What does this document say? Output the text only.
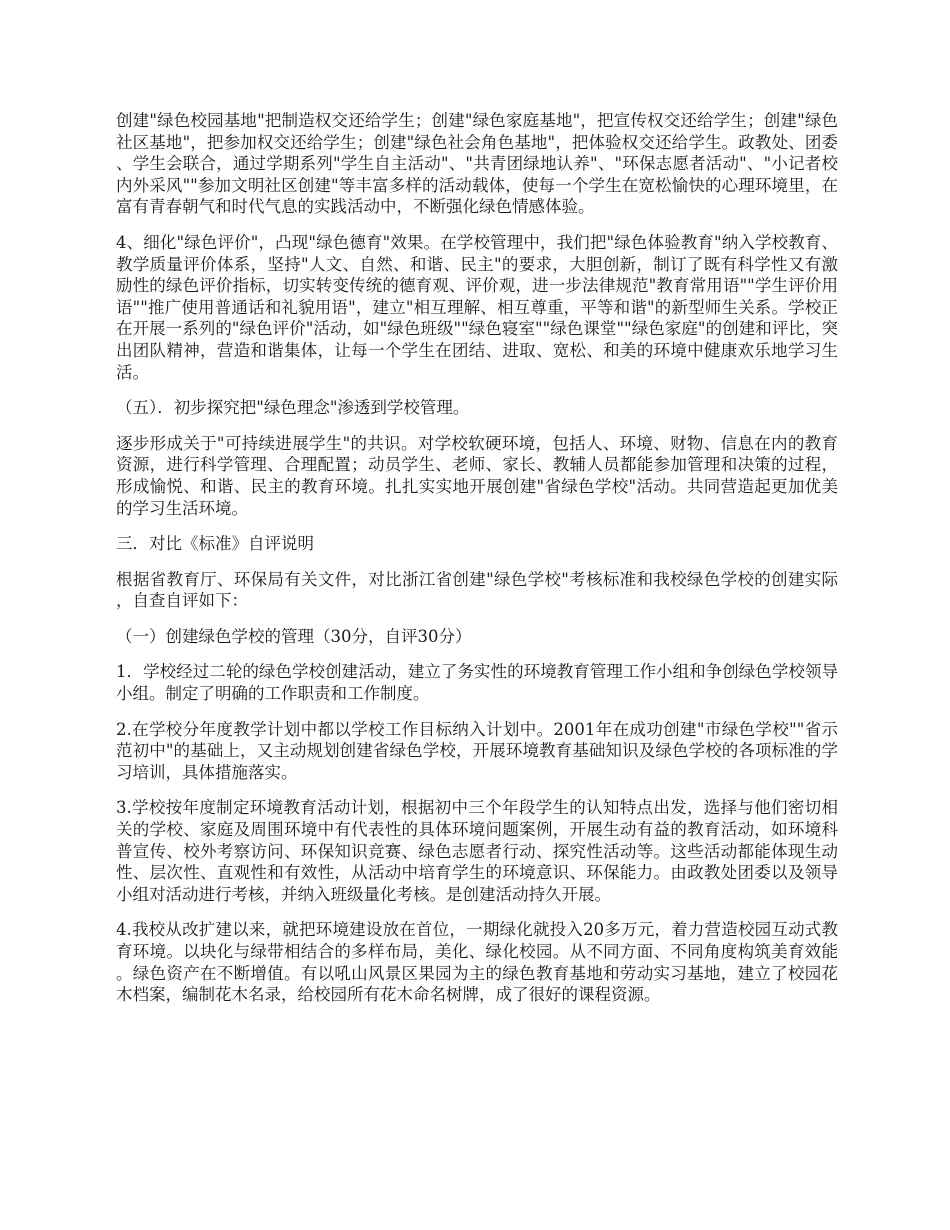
创建"绿色校园基地"把制造权交还给学生；创建"绿色家庭基地"，把宣传权交还给学生；创建"绿色社区基地"，把参加权交还给学生；创建"绿色社会角色基地"，把体验权交还给学生。政教处、团委、学生会联合，通过学期系列"学生自主活动"、"共青团绿地认养"、"环保志愿者活动"、"小记者校内外采风""参加文明社区创建"等丰富多样的活动载体，使每一个学生在宽松愉快的心理环境里，在富有青春朝气和时代气息的实践活动中，不断强化绿色情感体验。

4、细化"绿色评价"，凸现"绿色德育"效果。在学校管理中，我们把"绿色体验教育"纳入学校教育、教学质量评价体系，坚持"人文、自然、和谐、民主"的要求，大胆创新，制订了既有科学性又有激励性的绿色评价指标，切实转变传统的德育观、评价观，进一步法律规范"教育常用语""学生评价用语""推广使用普通话和礼貌用语"，建立"相互理解、相互尊重，平等和谐"的新型师生关系。学校正在开展一系列的"绿色评价"活动，如"绿色班级""绿色寝室""绿色课堂""绿色家庭"的创建和评比，突出团队精神，营造和谐集体，让每一个学生在团结、进取、宽松、和美的环境中健康欢乐地学习生活。

（五）．初步探究把"绿色理念"渗透到学校管理。

逐步形成关于"可持续进展学生"的共识。对学校软硬环境，包括人、环境、财物、信息在内的教育资源，进行科学管理、合理配置；动员学生、老师、家长、教辅人员都能参加管理和决策的过程，形成愉悦、和谐、民主的教育环境。扎扎实实地开展创建"省绿色学校"活动。共同营造起更加优美的学习生活环境。

三．对比《标准》自评说明

根据省教育厅、环保局有关文件，对比浙江省创建"绿色学校"考核标准和我校绿色学校的创建实际，自查自评如下：

（一）创建绿色学校的管理（30分，自评30分）

1．学校经过二轮的绿色学校创建活动，建立了务实性的环境教育管理工作小组和争创绿色学校领导小组。制定了明确的工作职责和工作制度。

2.在学校分年度教学计划中都以学校工作目标纳入计划中。2001年在成功创建"市绿色学校""省示范初中"的基础上，又主动规划创建省绿色学校，开展环境教育基础知识及绿色学校的各项标准的学习培训，具体措施落实。

3.学校按年度制定环境教育活动计划，根据初中三个年段学生的认知特点出发，选择与他们密切相关的学校、家庭及周围环境中有代表性的具体环境问题案例，开展生动有益的教育活动，如环境科普宣传、校外考察访问、环保知识竞赛、绿色志愿者行动、探究性活动等。这些活动都能体现生动性、层次性、直观性和有效性，从活动中培育学生的环境意识、环保能力。由政教处团委以及领导小组对活动进行考核，并纳入班级量化考核。是创建活动持久开展。

4.我校从改扩建以来，就把环境建设放在首位，一期绿化就投入20多万元，着力营造校园互动式教育环境。以块化与绿带相结合的多样布局，美化、绿化校园。从不同方面、不同角度构筑美育效能。绿色资产在不断增值。有以吼山风景区果园为主的绿色教育基地和劳动实习基地，建立了校园花木档案，编制花木名录，给校园所有花木命名树牌，成了很好的课程资源。
